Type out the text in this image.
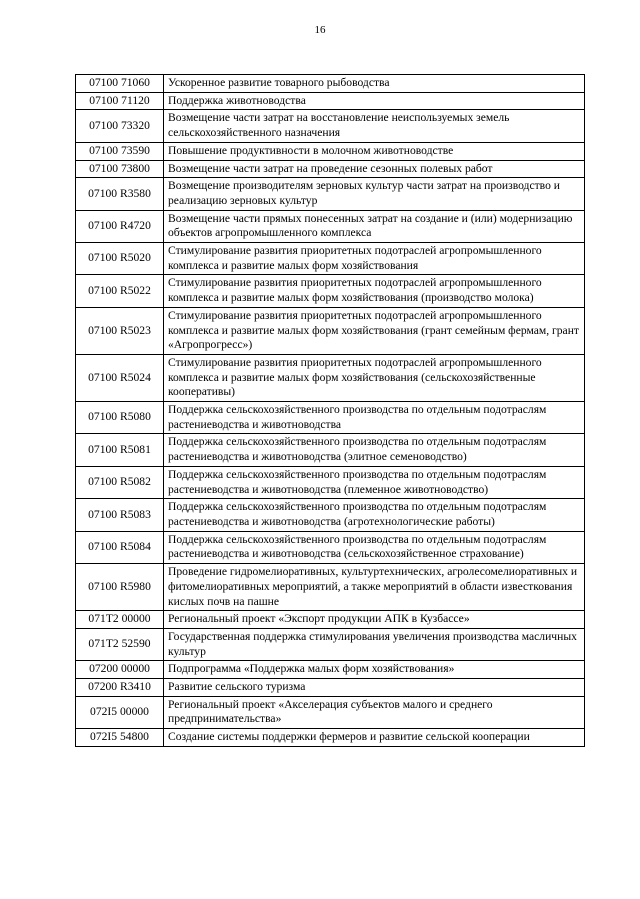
16
07100 71060	Ускоренное развитие товарного рыбоводства
07100 71120	Поддержка животноводства
07100 73320	Возмещение части затрат на восстановление неиспользуемых земель сельскохозяйственного назначения
07100 73590	Повышение продуктивности в молочном животноводстве
07100 73800	Возмещение части затрат на проведение сезонных полевых работ
07100 R3580	Возмещение производителям зерновых культур части затрат на производство и реализацию зерновых культур
07100 R4720	Возмещение части прямых понесенных затрат на создание и (или) модернизацию объектов агропромышленного комплекса
07100 R5020	Стимулирование развития приоритетных подотраслей агропромышленного комплекса и развитие малых форм хозяйствования
07100 R5022	Стимулирование развития приоритетных подотраслей агропромышленного комплекса и развитие малых форм хозяйствования (производство молока)
07100 R5023	Стимулирование развития приоритетных подотраслей агропромышленного комплекса и развитие малых форм хозяйствования (грант семейным фермам, грант «Агропрогресс»)
07100 R5024	Стимулирование развития приоритетных подотраслей агропромышленного комплекса и развитие малых форм хозяйствования (сельскохозяйственные кооперативы)
07100 R5080	Поддержка сельскохозяйственного производства по отдельным подотраслям растениеводства и животноводства
07100 R5081	Поддержка сельскохозяйственного производства по отдельным подотраслям растениеводства и животноводства (элитное семеноводство)
07100 R5082	Поддержка сельскохозяйственного производства по отдельным подотраслям растениеводства и животноводства (племенное животноводство)
07100 R5083	Поддержка сельскохозяйственного производства по отдельным подотраслям растениеводства и животноводства (агротехнологические работы)
07100 R5084	Поддержка сельскохозяйственного производства по отдельным подотраслям растениеводства и животноводства (сельскохозяйственное страхование)
07100 R5980	Проведение гидромелиоративных, культуртехнических, агролесомелиоративных и фитомелиоративных мероприятий, а также мероприятий в области известкования кислых почв на пашне
071T2 00000	Региональный проект «Экспорт продукции АПК в Кузбассе»
071T2 52590	Государственная поддержка стимулирования увеличения производства масличных культур
07200 00000	Подпрограмма «Поддержка малых форм хозяйствования»
07200 R3410	Развитие сельского туризма
072I5 00000	Региональный проект «Акселерация субъектов малого и среднего предпринимательства»
072I5 54800	Создание системы поддержки фермеров и развитие сельской кооперации
